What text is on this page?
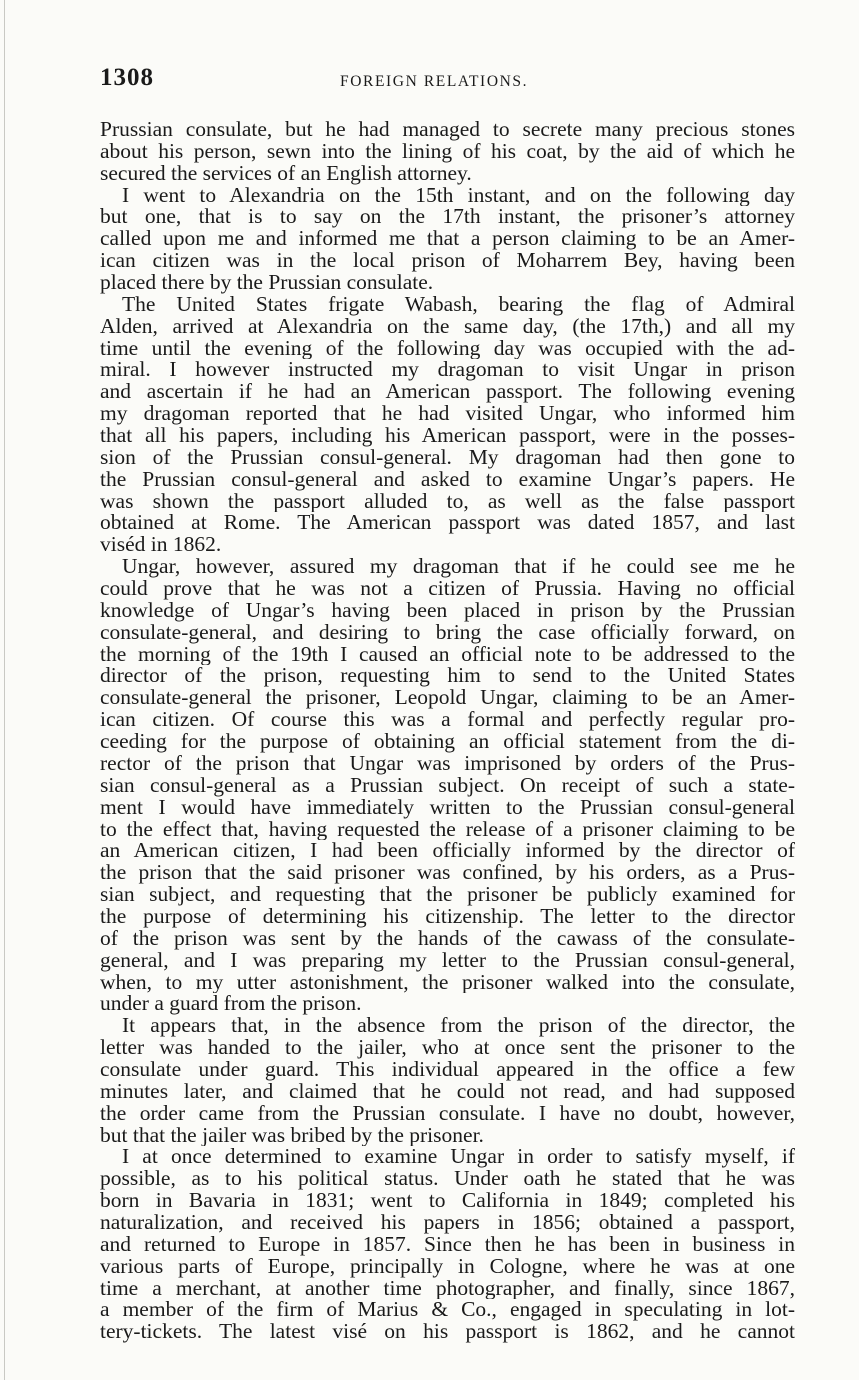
1308	FOREIGN RELATIONS.
Prussian consulate, but he had managed to secrete many precious stones
about his person, sewn into the lining of his coat, by the aid of which he
secured the services of an English attorney.
I went to Alexandria on the 15th instant, and on the following day
but one, that is to say on the 17th instant, the prisoner’s attorney
called upon me and informed me that a person claiming to be an Amer-
ican citizen was in the local prison of Moharrem Bey, having been
placed there by the Prussian consulate.
The United States frigate Wabash, bearing the flag of Admiral
Alden, arrived at Alexandria on the same day, (the 17th,) and all my
time until the evening of the following day was occupied with the ad-
miral. I however instructed my dragoman to visit Ungar in prison
and ascertain if he had an American passport. The following evening
my dragoman reported that he had visited Ungar, who informed him
that all his papers, including his American passport, were in the posses-
sion of the Prussian consul-general. My dragoman had then gone to
the Prussian consul-general and asked to examine Ungar’s papers. He
was shown the passport alluded to, as well as the false passport
obtained at Rome. The American passport was dated 1857, and last
viséd in 1862.
Ungar, however, assured my dragoman that if he could see me he
could prove that he was not a citizen of Prussia. Having no official
knowledge of Ungar’s having been placed in prison by the Prussian
consulate-general, and desiring to bring the case officially forward, on
the morning of the 19th I caused an official note to be addressed to the
director of the prison, requesting him to send to the United States
consulate-general the prisoner, Leopold Ungar, claiming to be an Amer-
ican citizen. Of course this was a formal and perfectly regular pro-
ceeding for the purpose of obtaining an official statement from the di-
rector of the prison that Ungar was imprisoned by orders of the Prus-
sian consul-general as a Prussian subject. On receipt of such a state-
ment I would have immediately written to the Prussian consul-general
to the effect that, having requested the release of a prisoner claiming to be
an American citizen, I had been officially informed by the director of
the prison that the said prisoner was confined, by his orders, as a Prus-
sian subject, and requesting that the prisoner be publicly examined for
the purpose of determining his citizenship. The letter to the director
of the prison was sent by the hands of the cawass of the consulate-
general, and I was preparing my letter to the Prussian consul-general,
when, to my utter astonishment, the prisoner walked into the consulate,
under a guard from the prison.
It appears that, in the absence from the prison of the director, the
letter was handed to the jailer, who at once sent the prisoner to the
consulate under guard. This individual appeared in the office a few
minutes later, and claimed that he could not read, and had supposed
the order came from the Prussian consulate. I have no doubt, however,
but that the jailer was bribed by the prisoner.
I at once determined to examine Ungar in order to satisfy myself, if
possible, as to his political status. Under oath he stated that he was
born in Bavaria in 1831; went to California in 1849; completed his
naturalization, and received his papers in 1856; obtained a passport,
and returned to Europe in 1857. Since then he has been in business in
various parts of Europe, principally in Cologne, where he was at one
time a merchant, at another time photographer, and finally, since 1867,
a member of the firm of Marius & Co., engaged in speculating in lot-
tery-tickets. The latest visé on his passport is 1862, and he cannot
